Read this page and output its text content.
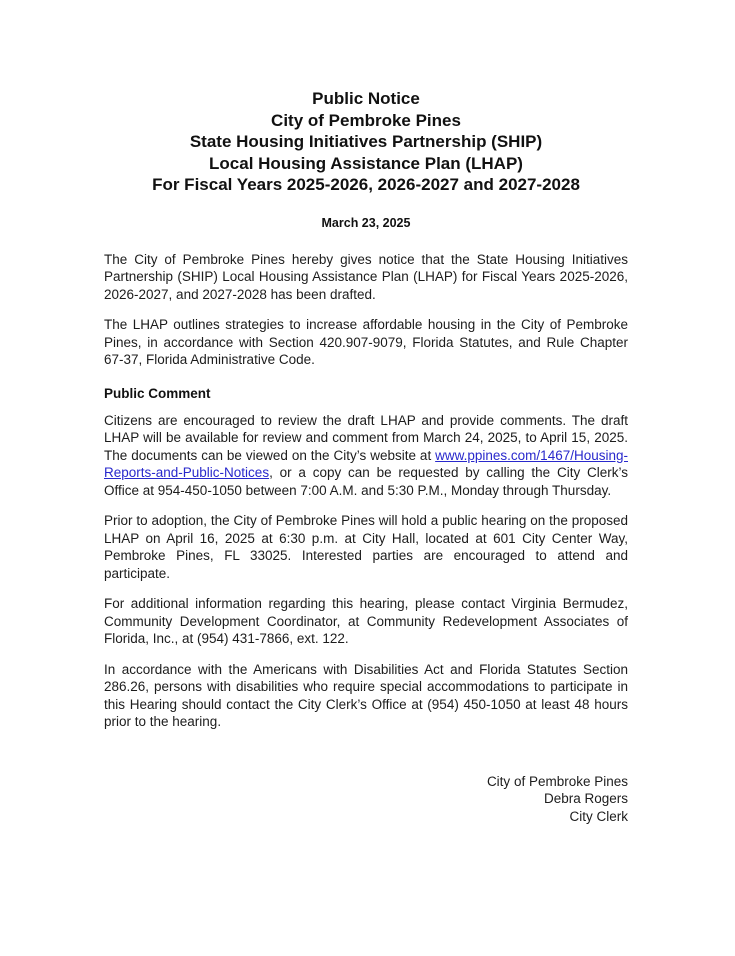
Public Notice
City of Pembroke Pines
State Housing Initiatives Partnership (SHIP)
Local Housing Assistance Plan (LHAP)
For Fiscal Years 2025-2026, 2026-2027 and 2027-2028
March 23, 2025

The City of Pembroke Pines hereby gives notice that the State Housing Initiatives Partnership (SHIP) Local Housing Assistance Plan (LHAP) for Fiscal Years 2025-2026, 2026-2027, and 2027-2028 has been drafted.

The LHAP outlines strategies to increase affordable housing in the City of Pembroke Pines, in accordance with Section 420.907-9079, Florida Statutes, and Rule Chapter 67-37, Florida Administrative Code.

Public Comment

Citizens are encouraged to review the draft LHAP and provide comments. The draft LHAP will be available for review and comment from March 24, 2025, to April 15, 2025. The documents can be viewed on the City’s website at www.ppines.com/1467/Housing-Reports-and-Public-Notices, or a copy can be requested by calling the City Clerk’s Office at 954-450-1050 between 7:00 A.M. and 5:30 P.M., Monday through Thursday.

Prior to adoption, the City of Pembroke Pines will hold a public hearing on the proposed LHAP on April 16, 2025 at 6:30 p.m. at City Hall, located at 601 City Center Way, Pembroke Pines, FL 33025. Interested parties are encouraged to attend and participate.

For additional information regarding this hearing, please contact Virginia Bermudez, Community Development Coordinator, at Community Redevelopment Associates of Florida, Inc., at (954) 431-7866, ext. 122.

In accordance with the Americans with Disabilities Act and Florida Statutes Section 286.26, persons with disabilities who require special accommodations to participate in this Hearing should contact the City Clerk’s Office at (954) 450-1050 at least 48 hours prior to the hearing.

City of Pembroke Pines
Debra Rogers
City Clerk
